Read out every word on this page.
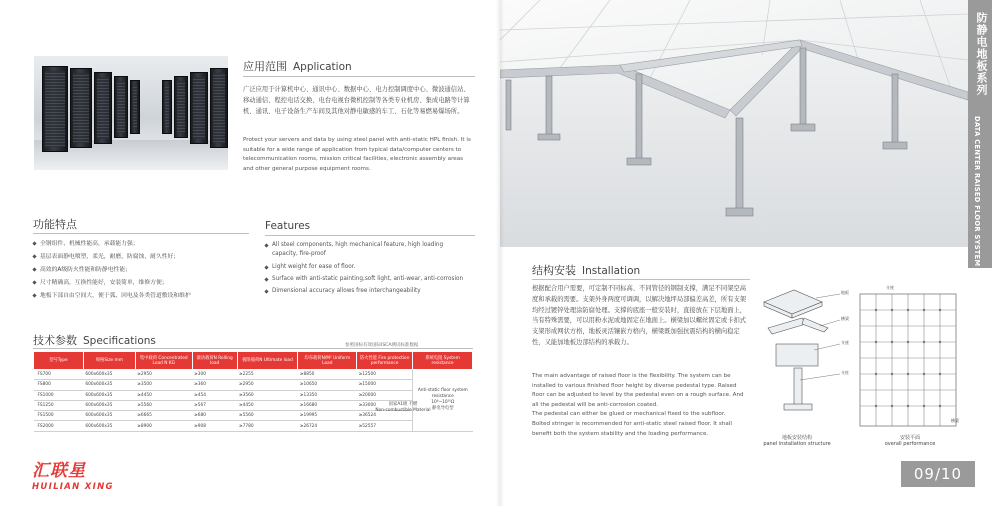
应用范围 Application
广泛应用于计算机中心、通讯中心、数据中心、电力控制调度中心、微波通信站、移动通信、程控电话交换、电台电视台微机控制等各类专业机房、集成电路等计算机、通讯、电子设备生产车间及其他对静电敏感的车工、石化等易燃易爆场所。
Protect your servers and data by using steel panel with anti-static HPL finish. It is suitable for a wide range of application from typical data/computer centers to telecommunication rooms, mission critical facilities, electronic assembly areas and other general purpose equipment rooms.
功能特点
全钢组件、机械性能高，承载能力强；
基层表面静电喷塑，柔光，耐磨，防腐蚀，耐久性好；
高效的A级防火性能和防静电性能；
尺寸精确高，互换性能好，安装简单，维修方便；
地板下部自由空间大，便于弧、回电及各类管道敷设和维护
Features
All steel components, high mechanical feature, high loading capacity, fire-proof
Light weight for ease of floor.
Surface with anti-static painting,soft light, anti-wear, anti-corrosion
Dimensional accuracy allows free interchangeability
技术参数 Specifications	参照国标有效国际ISCA测试标准数据
型号Type	规格Size mm	集中载荷 Concentrated Load N KG	滚动载荷N Rolling load	极限载荷N Ultimate load	均布载荷N/M² Uniform Load	防火性能 Fire protection performance	系统电阻 System resistance
FS700	600x600x35	≥2950	≥300	≥2255	≥8850	≥12500	Anti-static floor system resistance
10⁶~10¹⁰Ω
静电导电型

FS800	600x600x35	≥3500	≥360	≥2950	≥10650	≥15000	
FS1000	600x600x35	≥4450	≥454	≥3560	≥13350	≥20000	
FS1250	600x600x35	≥5560	≥567	≥4450	≥16680	≥33000	
FS1500	600x600x35	≥6665	≥680	≥5560	≥19995	≥36524	
FS2000	600x600x35	≥8900	≥908	≥7780	≥26724	≥52557	
国家A1级 不燃
Non-combustible Material
汇联星
HUILIAN XING
防静电地板系列
DATA CENTER RAISED FLOOR SYSTEM
结构安装 Installation
根据配合用户需要，可定制不同标高、不同管径的钢制支撑，满足不同架空高度和承载的需要。支架外身两度可调调，以解决地坪局部偏差高差，所有支架均经过镀锌处理涂防腐处理。支撑的底座一般安装时，直接放在下层地面上，当有特殊需要，可以用粉水泥或地固定在地面上。横梁加以螺丝固定或卡扣式支架形成网状方格，地板灵活镶嵌方格内，横梁既加强抗震结构的横向稳定性，又能加地板边部结构的承载力。
The main advantage of raised floor is the flexibility. The system can be installed to various finished floor height by diverse pedestal type. Raised floor can be adjusted to level by the pedestal even on a rough surface. And all the pedestal will be anti-corrosion coated.
The pedestal can either be glued or mechanical fixed to the subfloor.
Bolted stringer is recommended for anti-static steel raised floor. It shall benefit both the system stability and the loading performance.
地板
横梁
支座
支柱
地板安装结构
panel installation structure
支座
横梁
安装平面
overall performance
09/10
